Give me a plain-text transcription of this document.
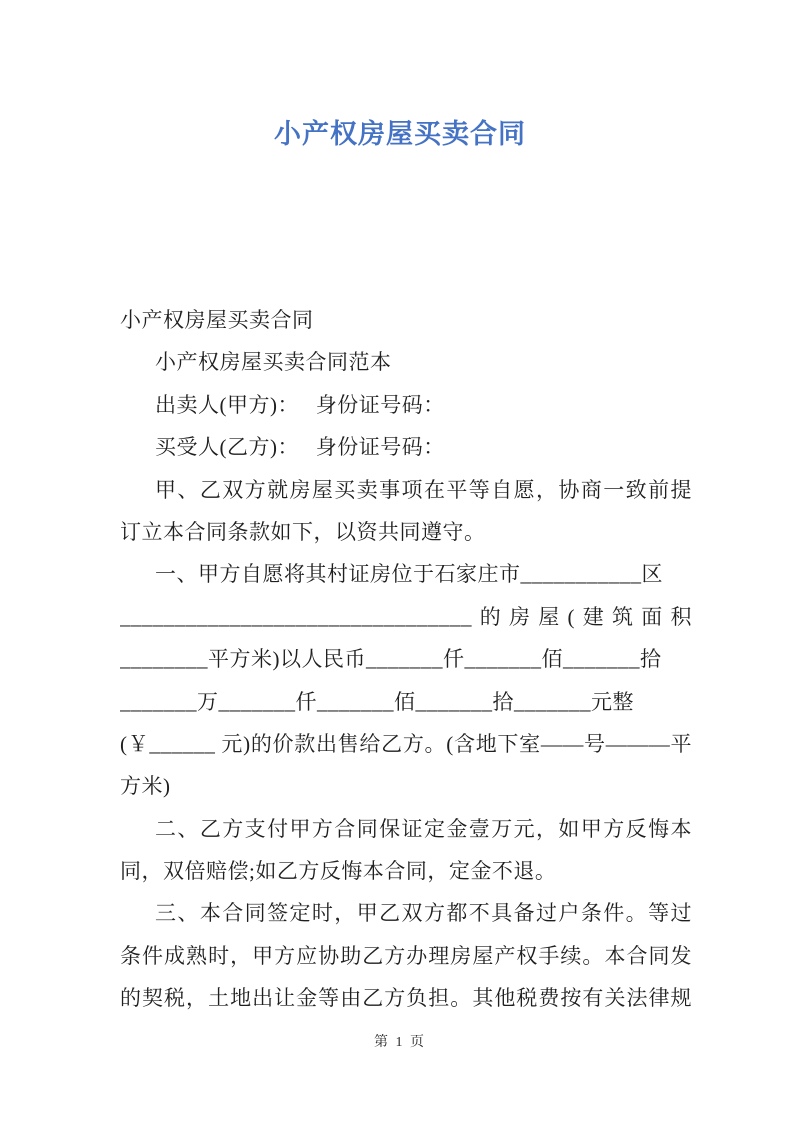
小产权房屋买卖合同
小产权房屋买卖合同
小产权房屋买卖合同范本
出卖人(甲方)：　 身份证号码：
买受人(乙方)：　 身份证号码：
甲、乙双方就房屋买卖事项在平等自愿，协商一致前提
订立本合同条款如下，以资共同遵守。
一、甲方自愿将其村证房位于石家庄市___________区
________________________________的房屋(建筑面积
________平方米)以人民币_______仟_______佰_______拾
_______万_______仟_______佰_______拾_______元整
(￥______ 元)的价款出售给乙方。(含地下室——号———平
方米)
二、乙方支付甲方合同保证定金壹万元，如甲方反悔本
同，双倍赔偿;如乙方反悔本合同，定金不退。
三、本合同签定时，甲乙双方都不具备过户条件。等过
条件成熟时，甲方应协助乙方办理房屋产权手续。本合同发
的契税，土地出让金等由乙方负担。其他税费按有关法律规
第 1 页
